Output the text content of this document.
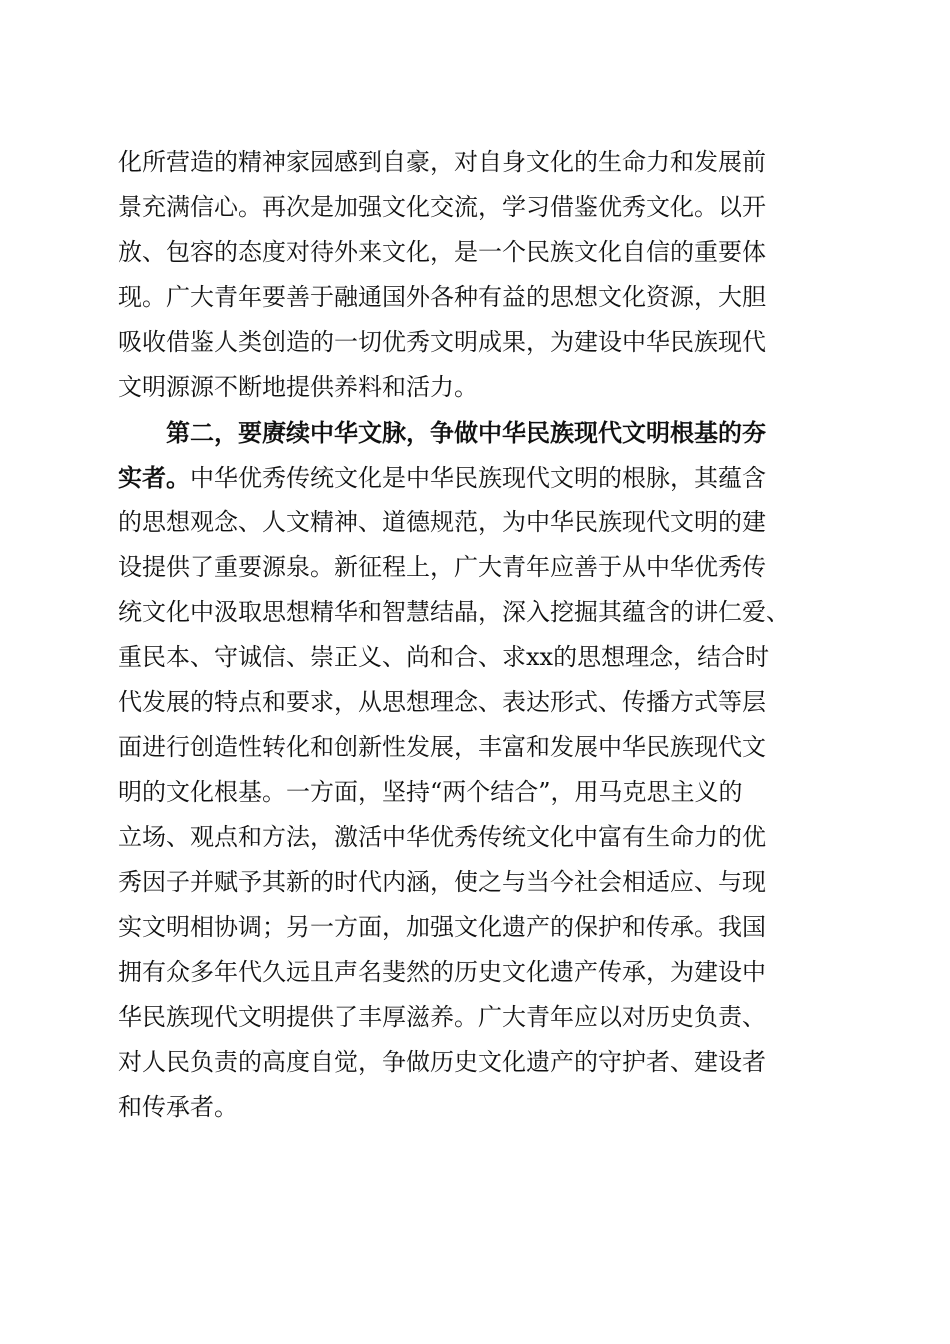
化所营造的精神家园感到自豪，对自身文化的生命力和发展前
景充满信心。再次是加强文化交流，学习借鉴优秀文化。以开
放、包容的态度对待外来文化，是一个民族文化自信的重要体
现。广大青年要善于融通国外各种有益的思想文化资源，大胆
吸收借鉴人类创造的一切优秀文明成果，为建设中华民族现代
文明源源不断地提供养料和活力。
第二，要赓续中华文脉，争做中华民族现代文明根基的夯
实者。中华优秀传统文化是中华民族现代文明的根脉，其蕴含
的思想观念、人文精神、道德规范，为中华民族现代文明的建
设提供了重要源泉。新征程上，广大青年应善于从中华优秀传
统文化中汲取思想精华和智慧结晶，深入挖掘其蕴含的讲仁爱、
重民本、守诚信、崇正义、尚和合、求xx的思想理念，结合时
代发展的特点和要求，从思想理念、表达形式、传播方式等层
面进行创造性转化和创新性发展，丰富和发展中华民族现代文
明的文化根基。一方面，坚持“两个结合”，用马克思主义的
立场、观点和方法，激活中华优秀传统文化中富有生命力的优
秀因子并赋予其新的时代内涵，使之与当今社会相适应、与现
实文明相协调；另一方面，加强文化遗产的保护和传承。我国
拥有众多年代久远且声名斐然的历史文化遗产传承，为建设中
华民族现代文明提供了丰厚滋养。广大青年应以对历史负责、
对人民负责的高度自觉，争做历史文化遗产的守护者、建设者
和传承者。
